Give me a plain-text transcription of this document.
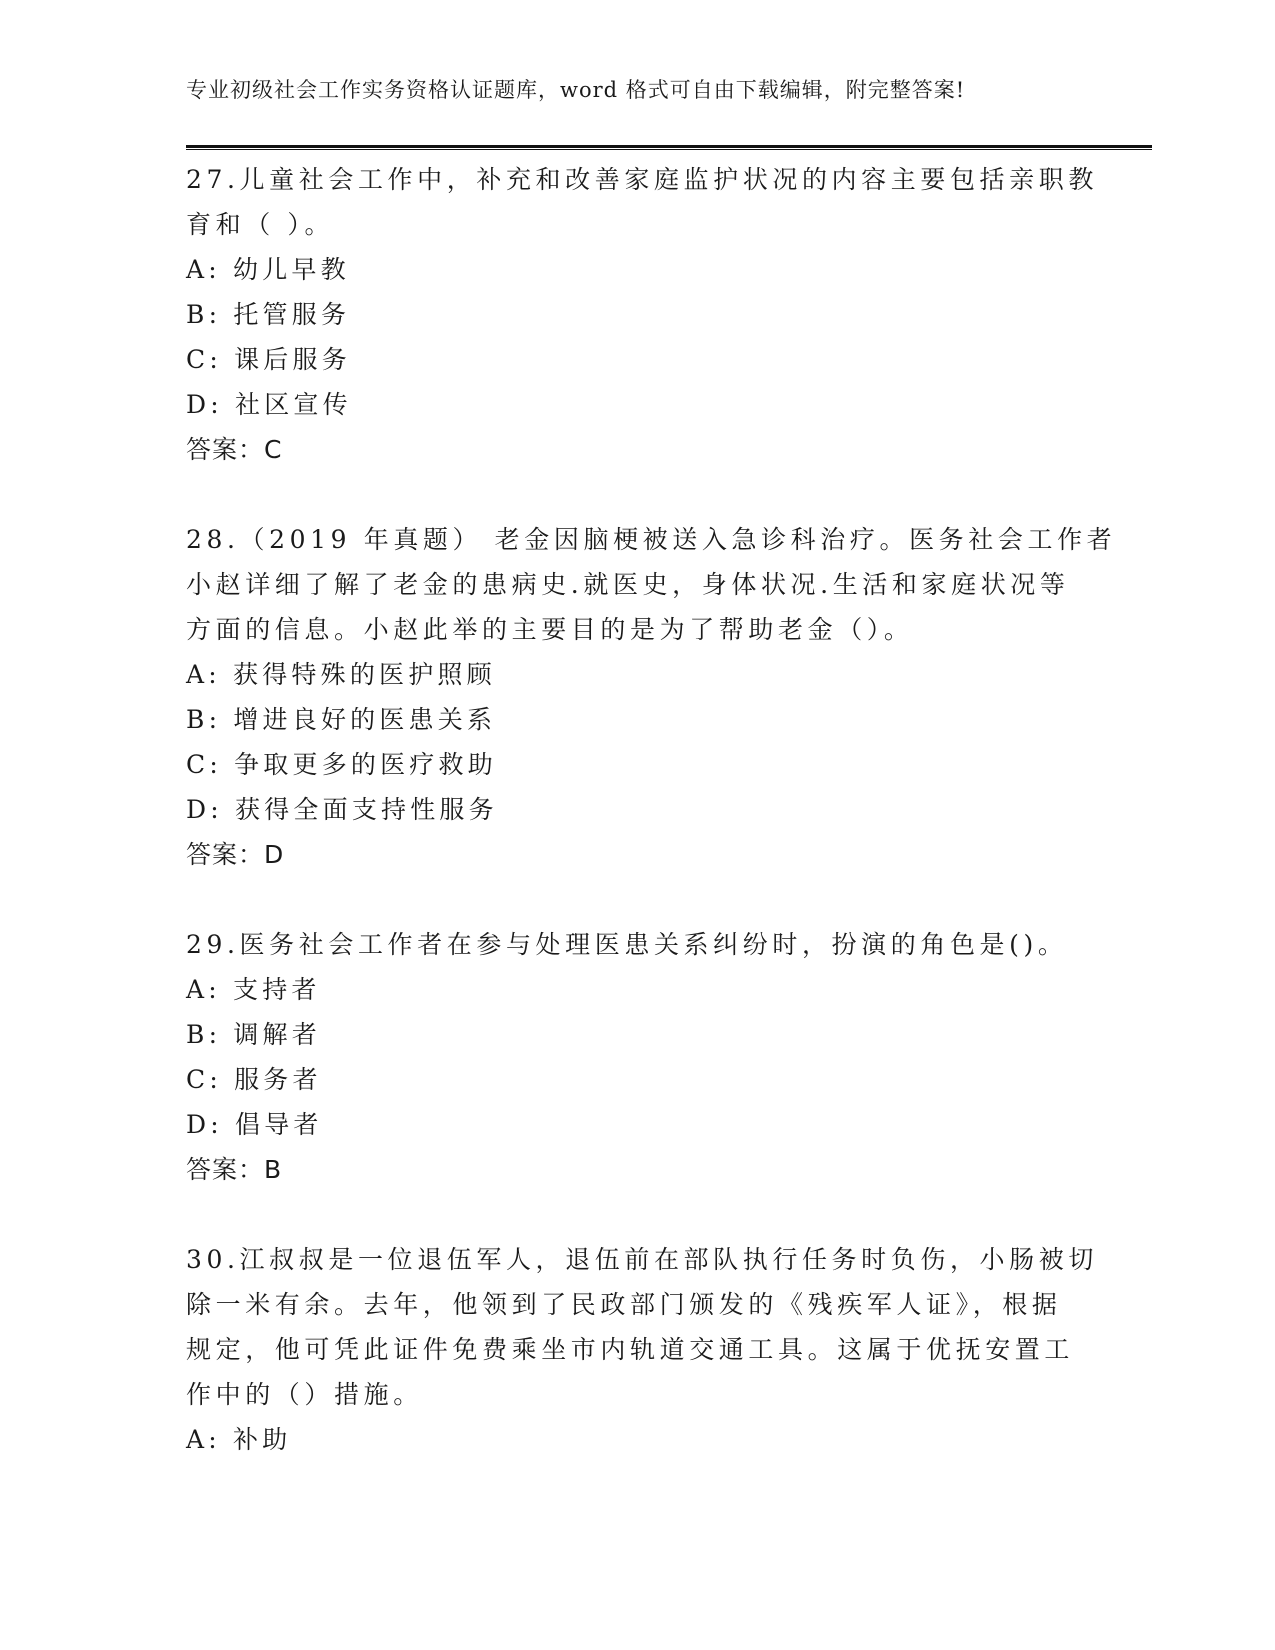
专业初级社会工作实务资格认证题库，word 格式可自由下载编辑，附完整答案!
27.儿童社会工作中，补充和改善家庭监护状况的内容主要包括亲职教
育和（ ）。
A: 幼儿早教
B: 托管服务
C: 课后服务
D: 社区宣传
答案：C
28.（2019 年真题） 老金因脑梗被送入急诊科治疗。医务社会工作者
小赵详细了解了老金的患病史.就医史，身体状况.生活和家庭状况等
方面的信息。小赵此举的主要目的是为了帮助老金（）。
A: 获得特殊的医护照顾
B: 增进良好的医患关系
C: 争取更多的医疗救助
D: 获得全面支持性服务
答案：D
29.医务社会工作者在参与处理医患关系纠纷时，扮演的角色是()。
A: 支持者
B: 调解者
C: 服务者
D: 倡导者
答案：B
30.江叔叔是一位退伍军人，退伍前在部队执行任务时负伤，小肠被切
除一米有余。去年，他领到了民政部门颁发的《残疾军人证》，根据
规定，他可凭此证件免费乘坐市内轨道交通工具。这属于优抚安置工
作中的（）措施。
A: 补助
